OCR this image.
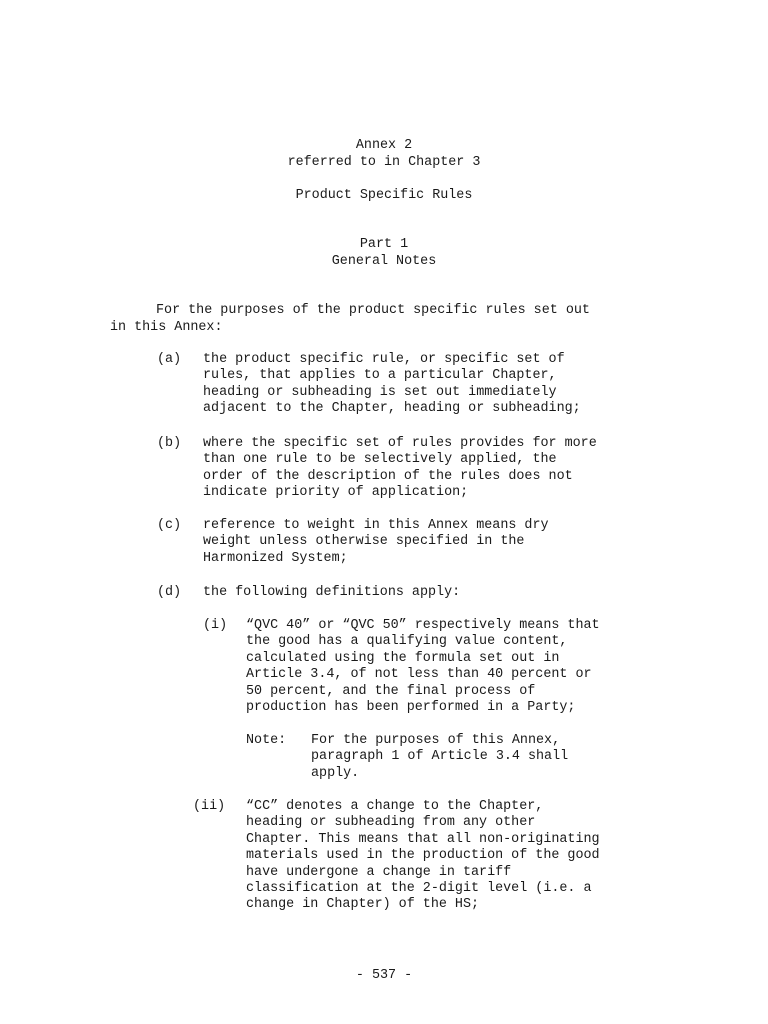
Annex 2
referred to in Chapter 3
Product Specific Rules
Part 1
General Notes
For the purposes of the product specific rules set out
in this Annex:
(a) the product specific rule, or specific set of
rules, that applies to a particular Chapter,
heading or subheading is set out immediately
adjacent to the Chapter, heading or subheading;
(b) where the specific set of rules provides for more
than one rule to be selectively applied, the
order of the description of the rules does not
indicate priority of application;
(c) reference to weight in this Annex means dry
weight unless otherwise specified in the
Harmonized System;
(d) the following definitions apply:
(i) “QVC 40” or “QVC 50” respectively means that
the good has a qualifying value content,
calculated using the formula set out in
Article 3.4, of not less than 40 percent or
50 percent, and the final process of
production has been performed in a Party;
Note: For the purposes of this Annex,
paragraph 1 of Article 3.4 shall
apply.
(ii) “CC” denotes a change to the Chapter,
heading or subheading from any other
Chapter. This means that all non-originating
materials used in the production of the good
have undergone a change in tariff
classification at the 2-digit level (i.e. a
change in Chapter) of the HS;
- 537 -
